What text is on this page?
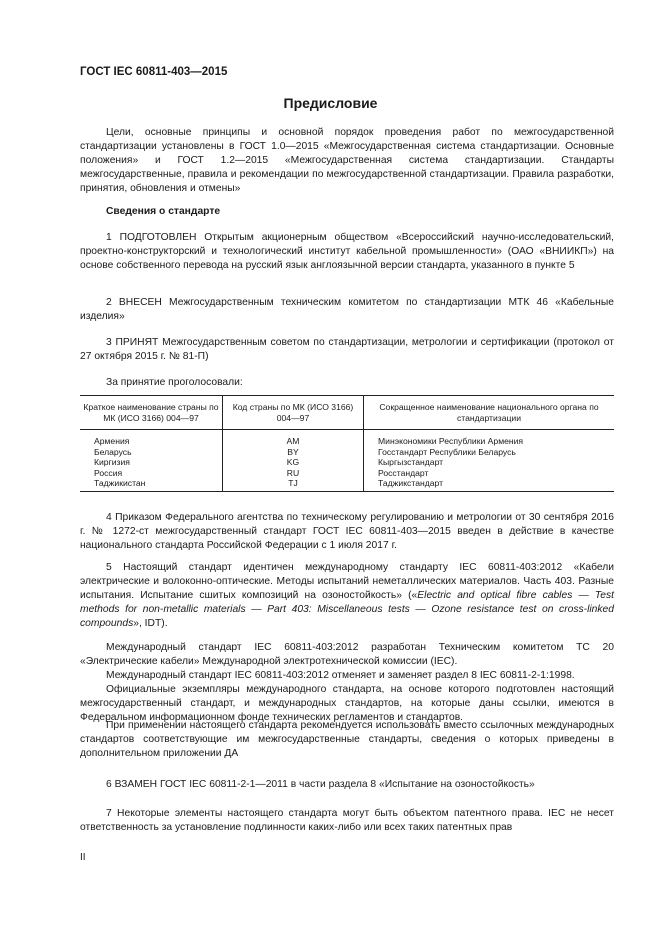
ГОСТ IEC 60811-403—2015
Предисловие
Цели, основные принципы и основной порядок проведения работ по межгосударственной стандартизации установлены в ГОСТ 1.0—2015 «Межгосударственная система стандартизации. Основные положения» и ГОСТ 1.2—2015 «Межгосударственная система стандартизации. Стандарты межгосударственные, правила и рекомендации по межгосударственной стандартизации. Правила разработки, принятия, обновления и отмены»
Сведения о стандарте
1 ПОДГОТОВЛЕН Открытым акционерным обществом «Всероссийский научно-исследовательский, проектно-конструкторский и технологический институт кабельной промышленности» (ОАО «ВНИИКП») на основе собственного перевода на русский язык англоязычной версии стандарта, указанного в пункте 5
2 ВНЕСЕН Межгосударственным техническим комитетом по стандартизации МТК 46 «Кабельные изделия»
3 ПРИНЯТ Межгосударственным советом по стандартизации, метрологии и сертификации (протокол от 27 октября 2015 г. № 81-П)
За принятие проголосовали:
Краткое наименование страны по МК (ИСО 3166) 004—97	Код страны по МК (ИСО 3166) 004—97	Сокращенное наименование национального органа по стандартизации
Армения	AM	Минэкономики Республики Армения
Беларусь	BY	Госстандарт Республики Беларусь
Киргизия	KG	Кыргызстандарт
Россия	RU	Росстандарт
Таджикистан	TJ	Таджикстандарт
4 Приказом Федерального агентства по техническому регулированию и метрологии от 30 сентября 2016 г. № 1272-ст межгосударственный стандарт ГОСТ IEC 60811-403—2015 введен в действие в качестве национального стандарта Российской Федерации с 1 июля 2017 г.
5 Настоящий стандарт идентичен международному стандарту IEC 60811-403:2012 «Кабели электрические и волоконно-оптические. Методы испытаний неметаллических материалов. Часть 403. Разные испытания. Испытание сшитых композиций на озоностойкость» («Electric and optical fibre cables — Test methods for non-metallic materials — Part 403: Miscellaneous tests — Ozone resistance test on cross-linked compounds», IDT).
Международный стандарт IEC 60811-403:2012 разработан Техническим комитетом ТС 20 «Электрические кабели» Международной электротехнической комиссии (IEC).
Международный стандарт IEC 60811-403:2012 отменяет и заменяет раздел 8 IEC 60811-2-1:1998.
Официальные экземпляры международного стандарта, на основе которого подготовлен настоящий межгосударственный стандарт, и международных стандартов, на которые даны ссылки, имеются в Федеральном информационном фонде технических регламентов и стандартов.
При применении настоящего стандарта рекомендуется использовать вместо ссылочных международных стандартов соответствующие им межгосударственные стандарты, сведения о которых приведены в дополнительном приложении ДА
6 ВЗАМЕН ГОСТ IEC 60811-2-1—2011 в части раздела 8 «Испытание на озоностойкость»
7 Некоторые элементы настоящего стандарта могут быть объектом патентного права. IEC не несет ответственность за установление подлинности каких-либо или всех таких патентных прав
II
